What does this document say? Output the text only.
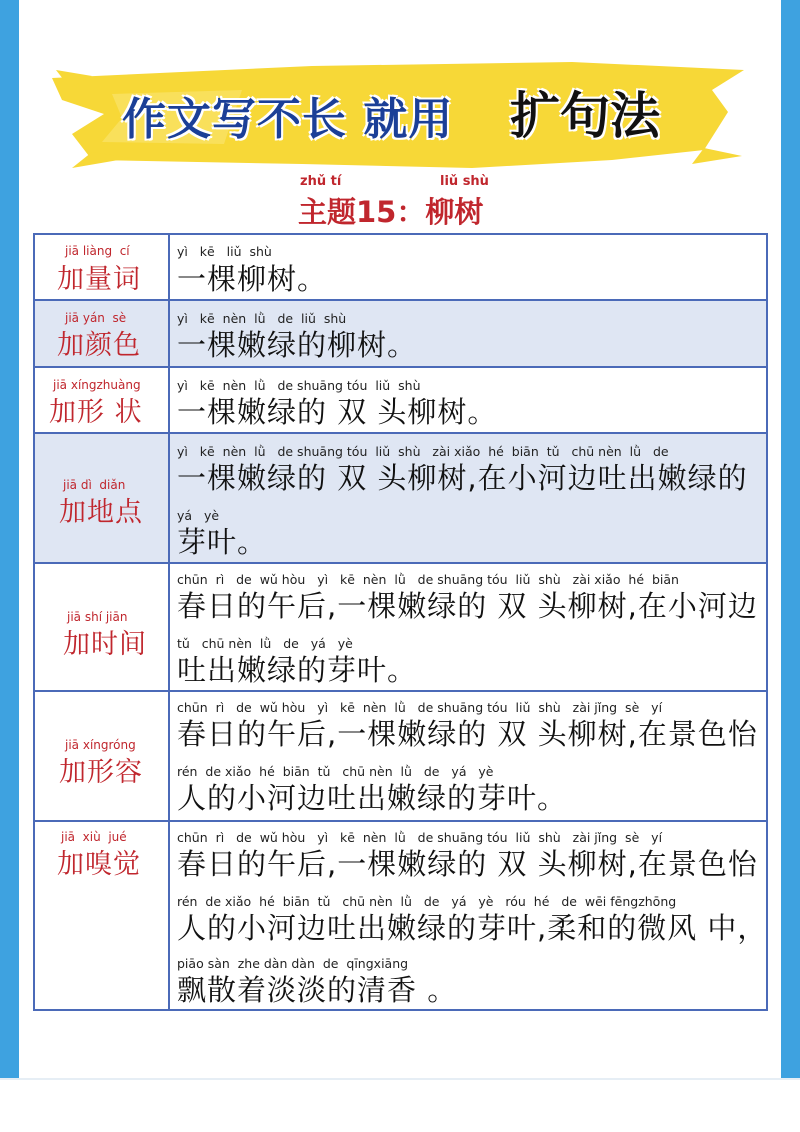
作文写不长 就用 扩句法
zhǔ tí	liǔ shù
主题15：柳树
jiā liàng  cí
加量词
yì   kē   liǔ  shù
一棵柳树。
jiā yán  sè
加颜色
yì   kē  nèn  lǜ   de  liǔ  shù
一棵嫩绿的柳树。
jiā xíngzhuàng
加形 状
yì   kē  nèn  lǜ   de shuāng tóu  liǔ  shù
一棵嫩绿的 双 头柳树。
jiā dì  diǎn
加地点
yì   kē  nèn  lǜ   de shuāng tóu  liǔ  shù   zài xiǎo  hé  biān  tǔ   chū nèn  lǜ   de
一棵嫩绿的 双 头柳树,在小河边吐出嫩绿的
yá   yè
芽叶。
jiā shí jiān
加时间
chūn  rì   de  wǔ hòu   yì   kē  nèn  lǜ   de shuāng tóu  liǔ  shù   zài xiǎo  hé  biān
春日的午后,一棵嫩绿的 双 头柳树,在小河边
tǔ   chū nèn  lǜ   de   yá   yè
吐出嫩绿的芽叶。
jiā xíngróng
加形容
chūn  rì   de  wǔ hòu   yì   kē  nèn  lǜ   de shuāng tóu  liǔ  shù   zài jǐng  sè   yí
春日的午后,一棵嫩绿的 双 头柳树,在景色怡
rén  de xiǎo  hé  biān  tǔ   chū nèn  lǜ   de   yá   yè
人的小河边吐出嫩绿的芽叶。
jiā  xiù  jué
加嗅觉
chūn  rì   de  wǔ hòu   yì   kē  nèn  lǜ   de shuāng tóu  liǔ  shù   zài jǐng  sè   yí
春日的午后,一棵嫩绿的 双 头柳树,在景色怡
rén  de xiǎo  hé  biān  tǔ   chū nèn  lǜ   de   yá   yè   róu  hé   de  wēi fēngzhōng
人的小河边吐出嫩绿的芽叶,柔和的微风 中，
piāo sàn  zhe dàn dàn  de  qīngxiāng
飘散着淡淡的清香 。
